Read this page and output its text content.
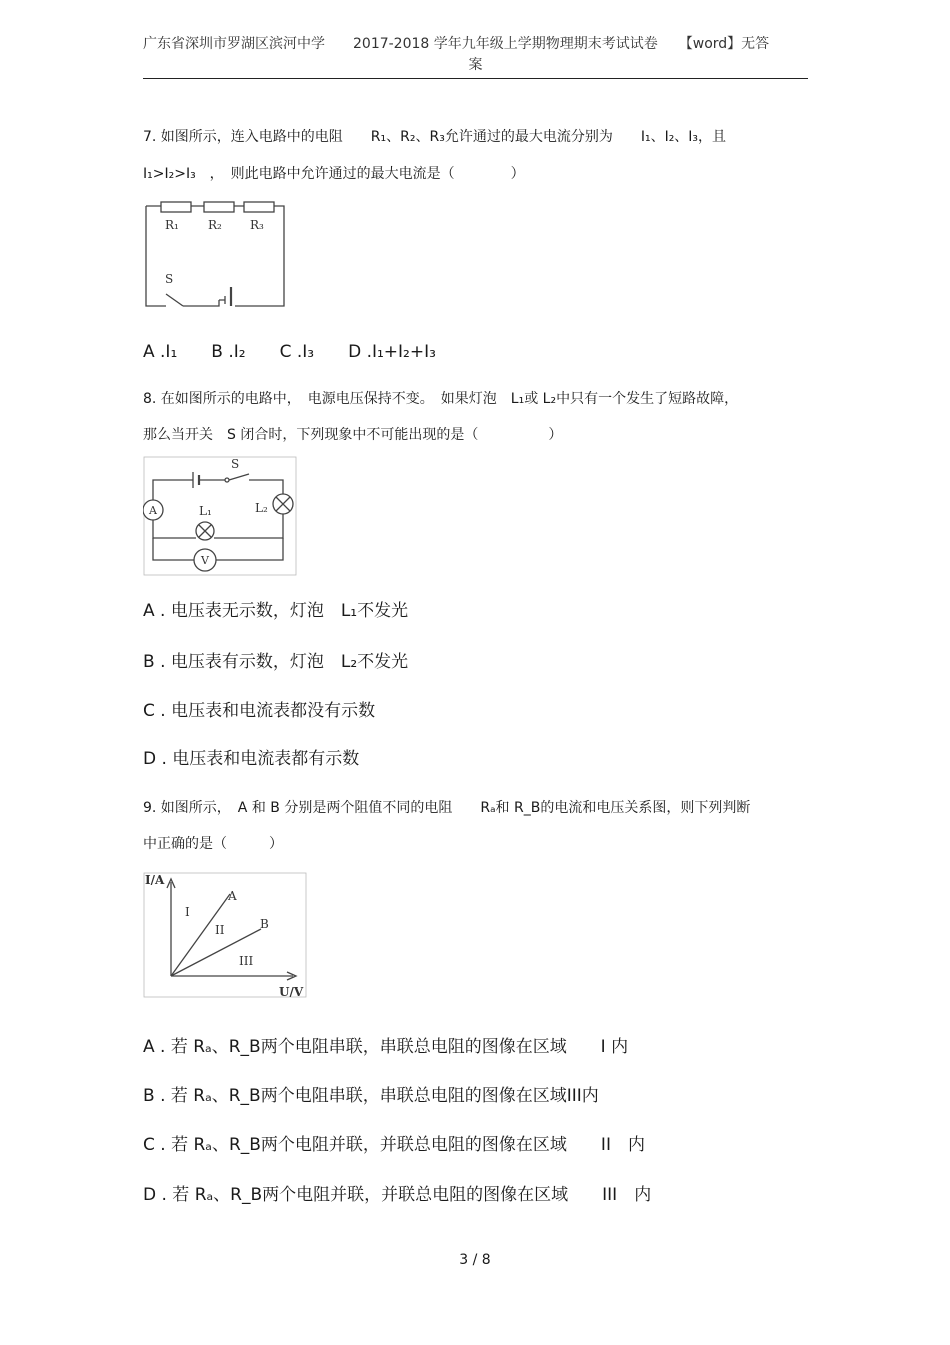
广东省深圳市罗湖区滨河中学　　2017-2018 学年九年级上学期物理期末考试试卷　　【word】无答
案
7. 如图所示，连入电路中的电阻　　R₁、R₂、R₃允许通过的最大电流分别为　　I₁、I₂、I₃，且
I₁>I₂>I₃　，　则此电路中允许通过的最大电流是（　　　　）
R₁ R₂ R₃
S
A .I₁　　B .I₂　　C .I₃　　D .I₁+I₂+I₃
8. 在如图所示的电路中，　电源电压保持不变。　如果灯泡　L₁或 L₂中只有一个发生了短路故障，
那么当开关　S 闭合时，下列现象中不可能出现的是（　　　　　）
S
A	L₁	L₂
V
A . 电压表无示数，灯泡　L₁不发光
B . 电压表有示数，灯泡　L₂不发光
C . 电压表和电流表都没有示数
D . 电压表和电流表都有示数
9. 如图所示，　A 和 B 分别是两个阻值不同的电阻　　Rₐ和 R_B的电流和电压关系图，则下列判断
中正确的是（　　　）
I/A
U/V
A
B
I
II
III
A . 若 Rₐ、R_B两个电阻串联，串联总电阻的图像在区域　　I 内
B . 若 Rₐ、R_B两个电阻串联，串联总电阻的图像在区域III内
C . 若 Rₐ、R_B两个电阻并联，并联总电阻的图像在区域　　II　内
D . 若 Rₐ、R_B两个电阻并联，并联总电阻的图像在区域　　III　内
3 / 8
